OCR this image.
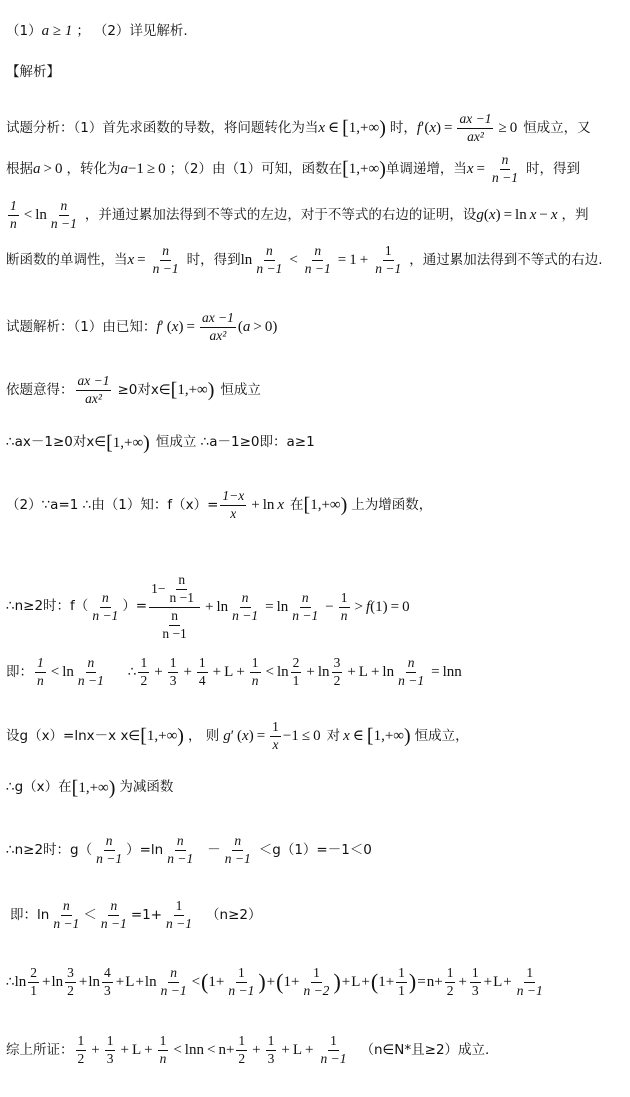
（1） a ≥ 1 ； （2）详见解析.
【解析】
试题分析：（1）首先求函数的导数，将问题转化为当 x ∈ [ 1,+∞ ) 时， f ′( x ) = $\frac{ax -1}{\text{ax²}} \ge 0$ 恒成立，又
根据 a > 0 ，转化为 a −1 ≥ 0 ；（2）由（1）可知，函数在 [ 1,+∞ ) 单调递增，当 $x = \frac{n}{n -1}$ 时，得到
$\frac{1}{n} < \ln \frac{n}{n -1}$ ，并通过累加法得到不等式的左边，对于不等式的右边的证明，设 g ( x ) = ln x − x ，判
断函数的单调性，当 $x = \frac{n}{n -1}$ 时，得到 $\ln \frac{n}{n -1} < \frac{n}{n -1} = 1 + \frac{1}{n -1}$ ，通过累加法得到不等式的右边.
试题解析：（1）由已知： f ′ ( x ) = $\frac{ax -1}{\text{ax²}}$ ( a > 0)
依题意得： $\frac{ax -1}{\text{ax²}} \ge 0$对x∈ [ 1,+∞ ) 恒成立
∴ax－1≥0对x∈ [ 1,+∞ ) 恒成立 ∴a－1≥0即：a≥1
（2）∵a=1 ∴由（1）知：$f(x)= \frac{1-x}{x} + \ln x$ 在 [ 1,+∞ ) 上为增函数，
∴n≥2时：$f( \frac{n}{n -1}$ ）= $\frac{1- \frac{n}{n -1}}{\frac{n}{n -1}} + \ln \frac{n}{n -1} = \ln \frac{n}{n -1} - \frac{1}{n} > f$ (1) = 0
即： $\frac{1}{n} < \ln \frac{n}{n -1}$ ∴ $\frac{1}{2} + \frac{1}{3} + \frac{1}{4} + L + \frac{1}{n} < \ln \frac{2}{1} + \ln \frac{3}{2} + L + \ln \frac{n}{n -1} = \ln n$
设g（x）=lnx－x x∈ [ 1,+∞ ) ， 则 g ′ ( x ) = $\frac{1}{x} -1 \le 0$ 对 x ∈ [ 1,+∞ ) 恒成立，
∴g（x）在 [ 1,+∞ ) 为减函数
∴n≥2时：$g( \frac{n}{n -1} )=\ln \frac{n}{n -1} - \frac{n}{n -1} <g(1)=-1<0$
即：$\ln \frac{n}{n -1} < \frac{n}{n -1} =1+ \frac{1}{n -1} (n\ge 2)$
∴ $\ln \frac{2}{1} + \ln \frac{3}{2} + \ln \frac{4}{3} + L + \ln \frac{n}{n -1}$ < ( $1+ \frac{1}{n -1}$ ) + ( $1+ \frac{1}{n -2}$ ) + L + ( $1+ \frac{1}{1}$ ) = $n+ \frac{1}{2} + \frac{1}{3} + L + \frac{1}{n -1}$
综上所证： $\frac{1}{2} + \frac{1}{3} + L + \frac{1}{n} < \ln n < n+ \frac{1}{2} + \frac{1}{3} + L + \frac{1}{n -1}$ （n∈N*且≥2）成立.
